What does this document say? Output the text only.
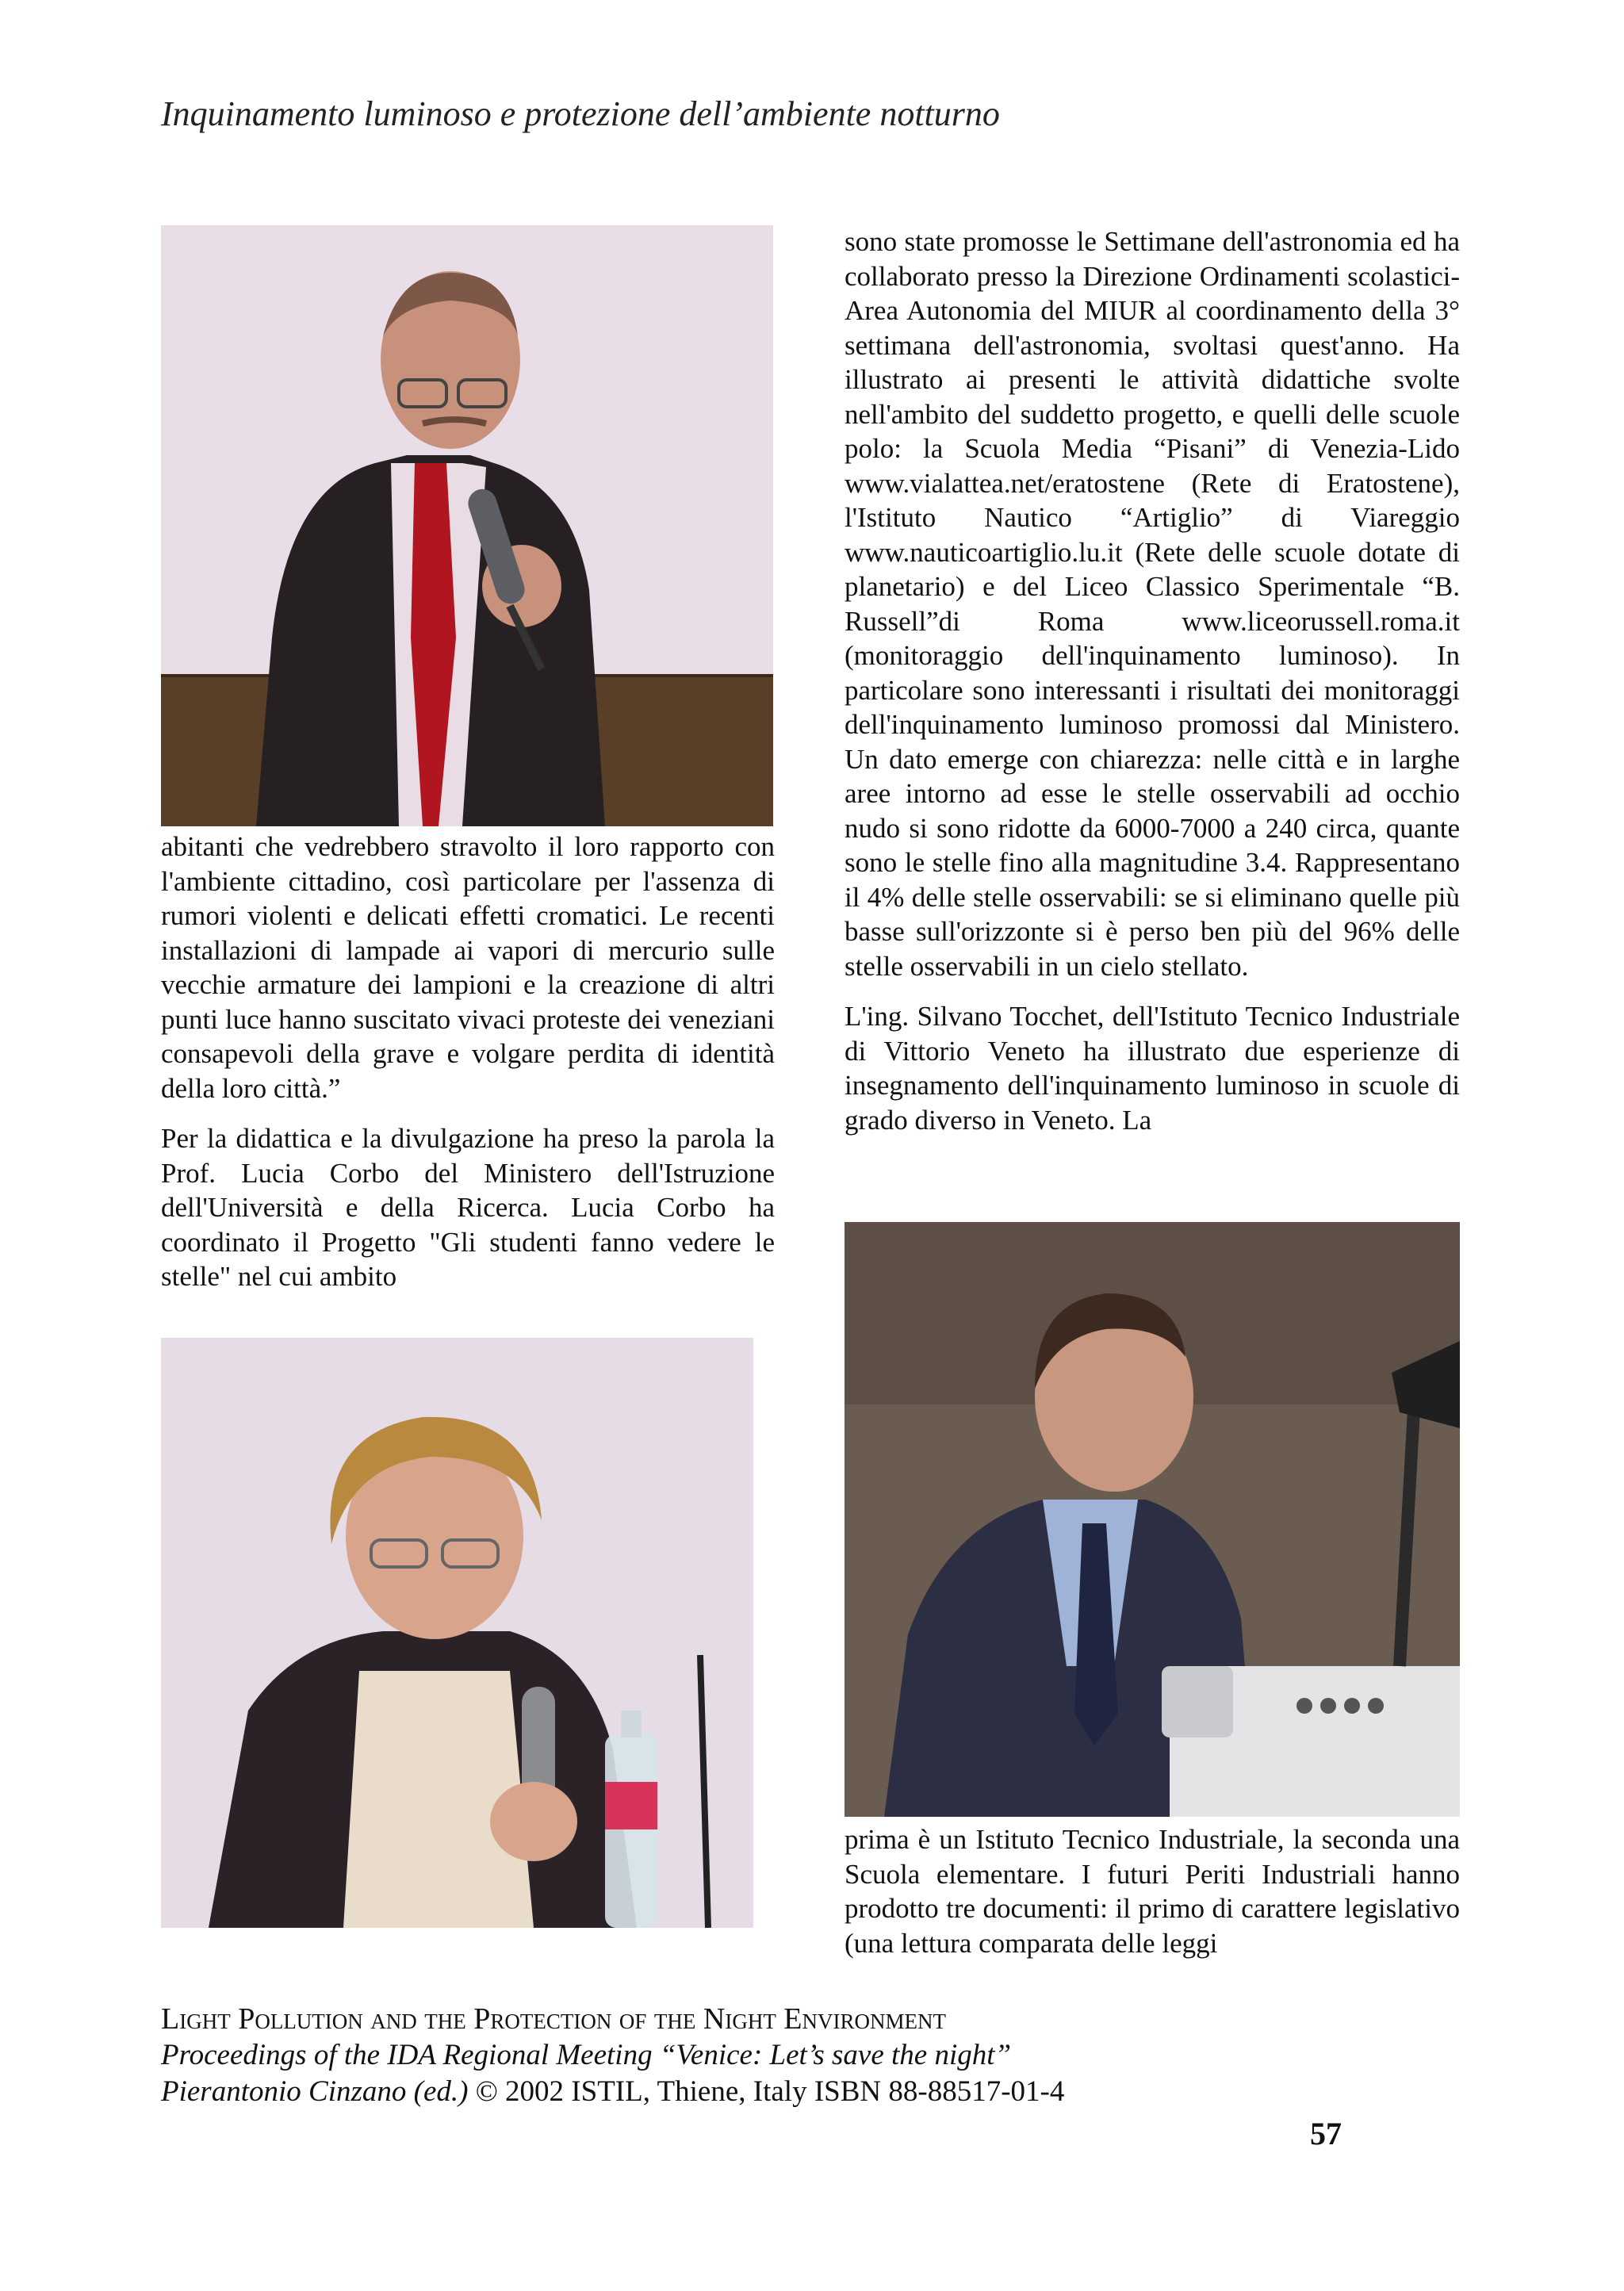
Inquinamento luminoso e protezione dell’ambiente notturno

abitanti che vedrebbero stravolto il loro rapporto con l'ambiente cittadino, così particolare per l'assenza di rumori violenti e delicati effetti cromatici. Le recenti installazioni di lampade ai vapori di mercurio sulle vecchie armature dei lampioni e la creazione di altri punti luce hanno suscitato vivaci proteste dei veneziani consapevoli della grave e volgare perdita di identità della loro città.”

Per la didattica e la divulgazione ha preso la parola la Prof. Lucia Corbo del Ministero dell'Istruzione dell'Università e della Ricerca. Lucia Corbo ha coordinato il Progetto "Gli studenti fanno vedere le stelle" nel cui ambito

sono state promosse le Settimane dell'astronomia ed ha collaborato presso la Direzione Ordinamenti scolastici-Area Autonomia del MIUR al coordinamento della 3° settimana dell'astronomia, svoltasi quest'anno. Ha illustrato ai presenti le attività didattiche svolte nell'ambito del suddetto progetto, e quelli delle scuole polo: la Scuola Media “Pisani” di Venezia-Lido www.vialattea.net/eratostene (Rete di Eratostene), l'Istituto Nautico “Artiglio” di Viareggio www.nauticoartiglio.lu.it (Rete delle scuole dotate di planetario) e del Liceo Classico Sperimentale “B. Russell”di Roma www.liceorussell.roma.it (monitoraggio dell'inquinamento luminoso). In particolare sono interessanti i risultati dei monitoraggi dell'inquinamento luminoso promossi dal Ministero. Un dato emerge con chiarezza: nelle città e in larghe aree intorno ad esse le stelle osservabili ad occhio nudo si sono ridotte da 6000-7000 a 240 circa, quante sono le stelle fino alla magnitudine 3.4. Rappresentano il 4% delle stelle osservabili: se si eliminano quelle più basse sull'orizzonte si è perso ben più del 96% delle stelle osservabili in un cielo stellato.

L'ing. Silvano Tocchet, dell'Istituto Tecnico Industriale di Vittorio Veneto ha illustrato due esperienze di insegnamento dell'inquinamento luminoso in scuole di grado diverso in Veneto. La

prima è un Istituto Tecnico Industriale, la seconda una Scuola elementare. I futuri Periti Industriali hanno prodotto tre documenti: il primo di carattere legislativo (una lettura comparata delle leggi

Light Pollution and the Protection of the Night Environment
Proceedings of the IDA Regional Meeting “Venice: Let’s save the night”
Pierantonio Cinzano (ed.) © 2002 ISTIL, Thiene, Italy ISBN 88-88517-01-4
57
